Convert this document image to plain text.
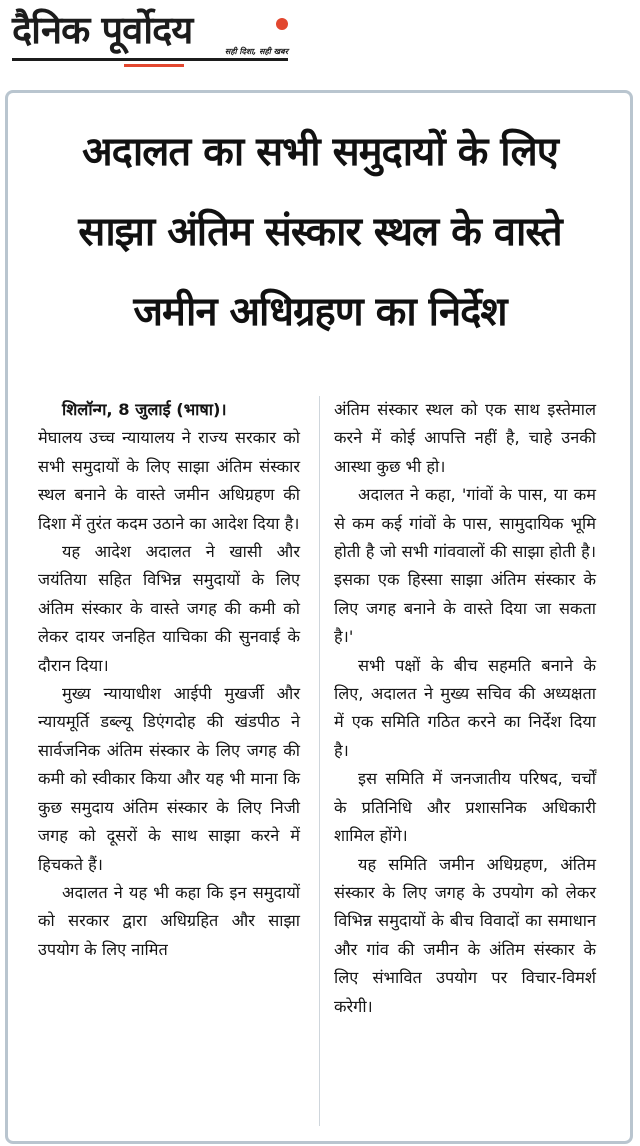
दैनिक पूर्वोदय	सही दिशा, सही खबर
अदालत का सभी समुदायों के लिए
साझा अंतिम संस्कार स्थल के वास्ते
जमीन अधिग्रहण का निर्देश

शिलॉन्ग, 8 जुलाई (भाषा)।

मेघालय उच्च न्यायालय ने राज्य सरकार को सभी समुदायों के लिए साझा अंतिम संस्कार स्थल बनाने के वास्ते जमीन अधिग्रहण की दिशा में तुरंत कदम उठाने का आदेश दिया है।

यह आदेश अदालत ने खासी और जयंतिया सहित विभिन्न समुदायों के लिए अंतिम संस्कार के वास्ते जगह की कमी को लेकर दायर जनहित याचिका की सुनवाई के दौरान दिया।

मुख्य न्यायाधीश आईपी मुखर्जी और न्यायमूर्ति डब्ल्यू डिएंगदोह की खंडपीठ ने सार्वजनिक अंतिम संस्कार के लिए जगह की कमी को स्वीकार किया और यह भी माना कि कुछ समुदाय अंतिम संस्कार के लिए निजी जगह को दूसरों के साथ साझा करने में हिचकते हैं।

अदालत ने यह भी कहा कि इन समुदायों को सरकार द्वारा अधिग्रहित और साझा उपयोग के लिए नामित

अंतिम संस्कार स्थल को एक साथ इस्तेमाल करने में कोई आपत्ति नहीं है, चाहे उनकी आस्था कुछ भी हो।

अदालत ने कहा, 'गांवों के पास, या कम से कम कई गांवों के पास, सामुदायिक भूमि होती है जो सभी गांववालों की साझा होती है। इसका एक हिस्सा साझा अंतिम संस्कार के लिए जगह बनाने के वास्ते दिया जा सकता है।'

सभी पक्षों के बीच सहमति बनाने के लिए, अदालत ने मुख्य सचिव की अध्यक्षता में एक समिति गठित करने का निर्देश दिया है।

इस समिति में जनजातीय परिषद, चर्चों के प्रतिनिधि और प्रशासनिक अधिकारी शामिल होंगे।

यह समिति जमीन अधिग्रहण, अंतिम संस्कार के लिए जगह के उपयोग को लेकर विभिन्न समुदायों के बीच विवादों का समाधान और गांव की जमीन के अंतिम संस्कार के लिए संभावित उपयोग पर विचार-विमर्श करेगी।
